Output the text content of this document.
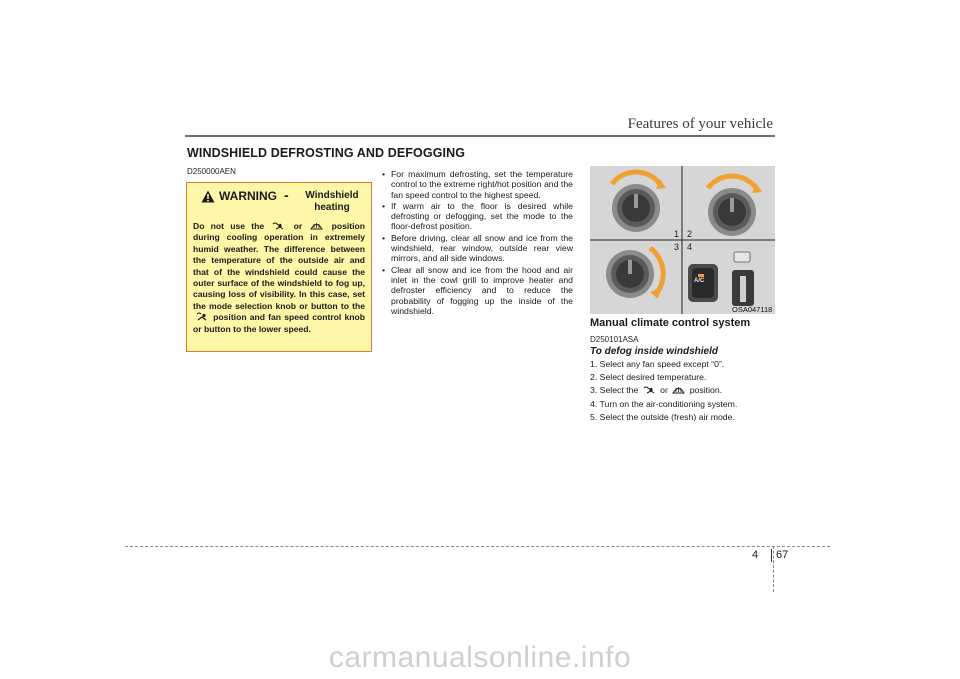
Features of your vehicle
WINDSHIELD DEFROSTING AND DEFOGGING
D250000AEN
WARNING -	Windshield heating
Do not use the	or	position during cooling operation in extremely humid weather. The difference between the temperature of the outside air and that of the windshield could cause the outer surface of the windshield to fog up, causing loss of visibility. In this case, set the mode selection knob or button to the  position and fan speed control knob or button to the lower speed.
• For maximum defrosting, set the temperature control to the extreme right/hot position and the fan speed control to the highest speed.
• If warm air to the floor is desired while defrosting or defogging, set the mode to the floor-defrost position.
• Before driving, clear all snow and ice from the windshield, rear window, outside rear view mirrors, and all side windows.
• Clear all snow and ice from the hood and air inlet in the cowl grill to improve heater and defroster efficiency and to reduce the probability of fogging up the inside of the windshield.
1 2
3 4
A/C
OSA047118
Manual climate control system
D250101ASA
To defog inside windshield
1. Select any fan speed except “0”.
2. Select desired temperature.
3. Select the	or	position.
4. Turn on the air-conditioning system.
5. Select the outside (fresh) air mode.
4 67
carmanualsonline.info
